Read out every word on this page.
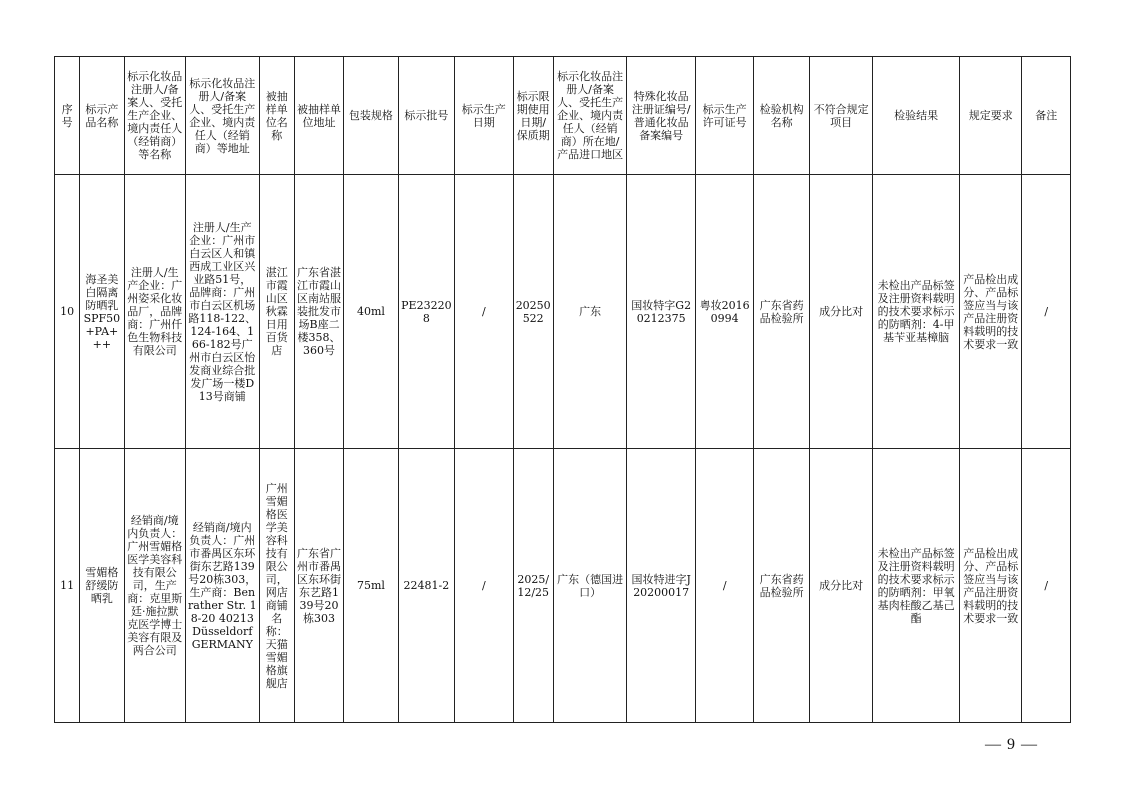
序号	标示产品名称	标示化妆品注册人/备案人、受托生产企业、境内责任人（经销商）等名称	标示化妆品注册人/备案人、受托生产企业、境内责任人（经销商）等地址	被抽样单位名称	被抽样单位地址	包装规格	标示批号	标示生产日期	标示限期使用日期/保质期	标示化妆品注册人/备案人、受托生产企业、境内责任人（经销商）所在地/产品进口地区	特殊化妆品注册证编号/普通化妆品备案编号	标示生产许可证号	检验机构名称	不符合规定项目	检验结果	规定要求	备注
10	海圣美白隔离防晒乳SPF50+PA+++	注册人/生产企业：广州姿采化妆品厂，品牌商：广州仟色生物科技有限公司	注册人/生产企业：广州市白云区人和镇西成工业区兴业路51号，品牌商：广州市白云区机场路118-122、124-164、166-182号广州市白云区怡发商业综合批发广场一楼D13号商铺	湛江市霞山区秋霖日用百货店	广东省湛江市霞山区南站服装批发市场B座二楼358、360号	40ml	PE232208	/	20250522	广东	国妆特字G20212375	粤妆20160994	广东省药品检验所	成分比对	未检出产品标签及注册资料载明的技术要求标示的防晒剂：4-甲基苄亚基樟脑	产品检出成分、产品标签应当与该产品注册资料载明的技术要求一致	/
11	雪媚格舒缓防晒乳	经销商/境内负责人：广州雪媚格医学美容科技有限公司，生产商：克里斯廷·施拉默克医学博士美容有限及两合公司	经销商/境内负责人：广州市番禺区东环街东艺路139号20栋303，生产商：Benrather Str. 18-20 40213 Düsseldorf GERMANY	广州雪媚格医学美容科技有限公司，网店商铺名称：天猫雪媚格旗舰店	广东省广州市番禺区东环街东艺路139号20栋303	75ml	22481-2	/	2025/12/25	广东（德国进口）	国妆特进字J20200017	/	广东省药品检验所	成分比对	未检出产品标签及注册资料载明的技术要求标示的防晒剂：甲氧基肉桂酸乙基己酯	产品检出成分、产品标签应当与该产品注册资料载明的技术要求一致	/
— 9 —
